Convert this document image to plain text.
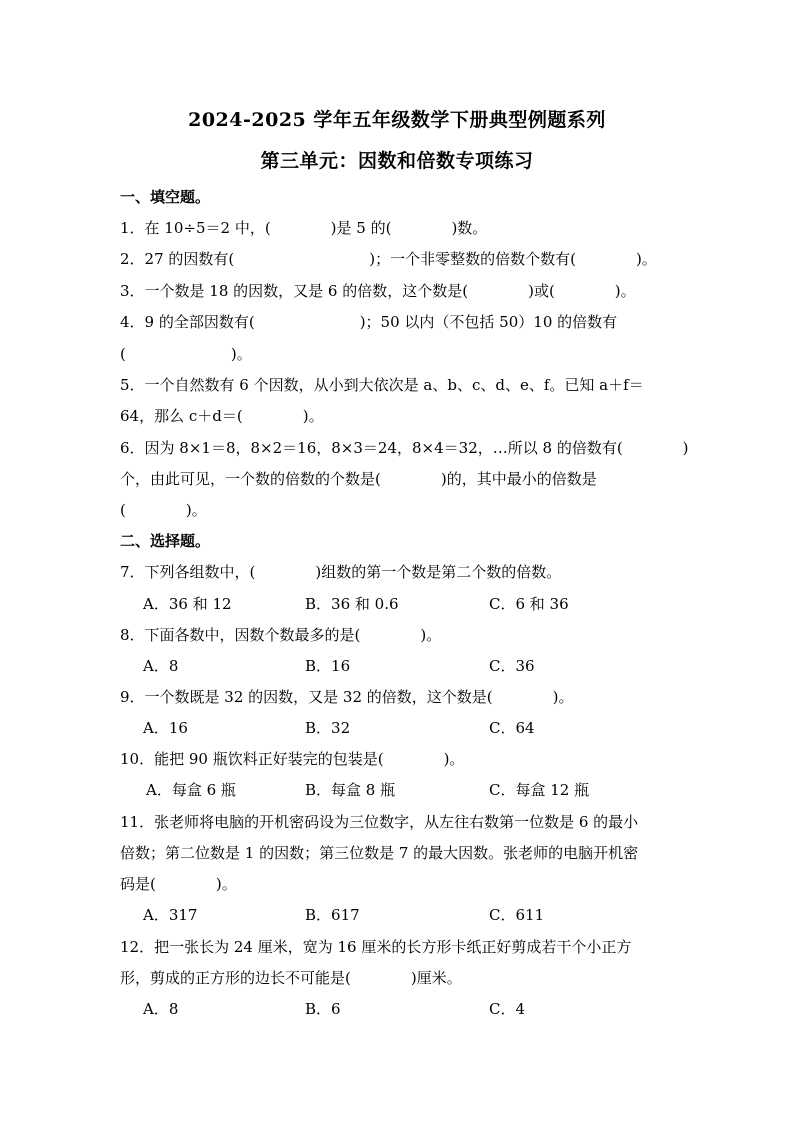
2024-2025 学年五年级数学下册典型例题系列
第三单元：因数和倍数专项练习
一、填空题。
1．在 10÷5＝2 中，(　　　　)是 5 的(　　　　)数。
2．27 的因数有(　　　　　　　　　)；一个非零整数的倍数个数有(　　　　)。
3．一个数是 18 的因数，又是 6 的倍数，这个数是(　　　　)或(　　　　)。
4．9 的全部因数有(　　　　　　　)；50 以内（不包括 50）10 的倍数有
(　　　　　　　)。
5．一个自然数有 6 个因数，从小到大依次是 a、b、c、d、e、f。已知 a＋f＝
64，那么 c＋d＝(　　　　)。
6．因为 8×1＝8，8×2＝16，8×3＝24，8×4＝32，…所以 8 的倍数有(　　　　)
个，由此可见，一个数的倍数的个数是(　　　　)的，其中最小的倍数是
(　　　　)。
二、选择题。
7．下列各组数中，(　　　　)组数的第一个数是第二个数的倍数。
A．36 和 12	B．36 和 0.6	C．6 和 36
8．下面各数中，因数个数最多的是(　　　　)。
A．8	B．16	C．36
9．一个数既是 32 的因数，又是 32 的倍数，这个数是(　　　　)。
A．16	B．32	C．64
10．能把 90 瓶饮料正好装完的包装是(　　　　)。
A．每盒 6 瓶	B．每盒 8 瓶	C．每盒 12 瓶
11．张老师将电脑的开机密码设为三位数字，从左往右数第一位数是 6 的最小
倍数；第二位数是 1 的因数；第三位数是 7 的最大因数。张老师的电脑开机密
码是(　　　　)。
A．317	B．617	C．611
12．把一张长为 24 厘米，宽为 16 厘米的长方形卡纸正好剪成若干个小正方
形，剪成的正方形的边长不可能是(　　　　)厘米。
A．8	B．6	C．4
